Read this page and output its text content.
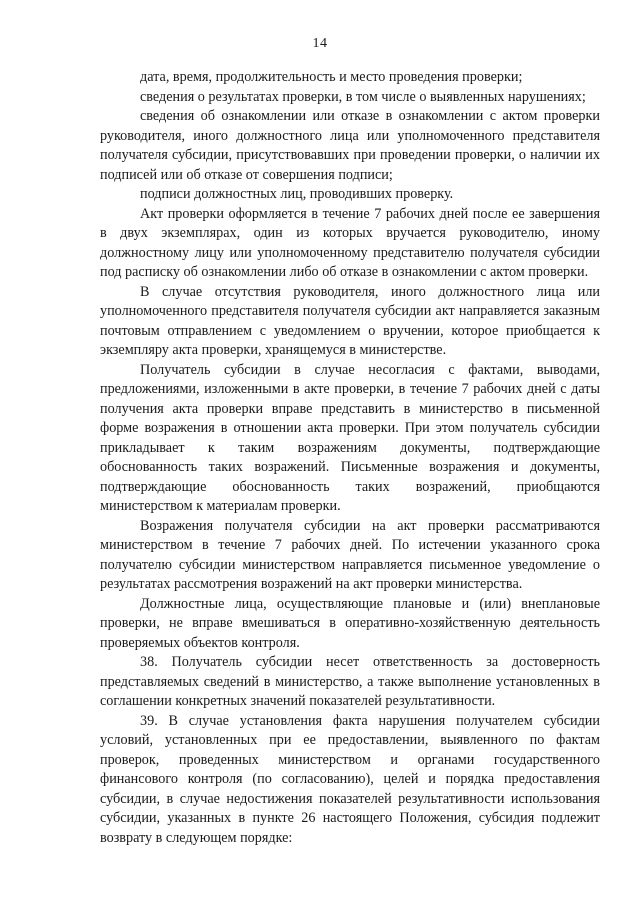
14

дата, время, продолжительность и место проведения проверки;

сведения о результатах проверки, в том числе о выявленных нарушениях;

сведения об ознакомлении или отказе в ознакомлении с актом проверки руководителя, иного должностного лица или уполномоченного представителя получателя субсидии, присутствовавших при проведении проверки, о наличии их подписей или об отказе от совершения подписи;

подписи должностных лиц, проводивших проверку.

Акт проверки оформляется в течение 7 рабочих дней после ее завершения в двух экземплярах, один из которых вручается руководителю, иному должностному лицу или уполномоченному представителю получателя субсидии под расписку об ознакомлении либо об отказе в ознакомлении с актом проверки.

В случае отсутствия руководителя, иного должностного лица или уполномоченного представителя получателя субсидии акт направляется заказным почтовым отправлением с уведомлением о вручении, которое приобщается к экземпляру акта проверки, хранящемуся в министерстве.

Получатель субсидии в случае несогласия с фактами, выводами, предложениями, изложенными в акте проверки, в течение 7 рабочих дней с даты получения акта проверки вправе представить в министерство в письменной форме возражения в отношении акта проверки. При этом получатель субсидии прикладывает к таким возражениям документы, подтверждающие обоснованность таких возражений. Письменные возражения и документы, подтверждающие обоснованность таких возражений, приобщаются министерством к материалам проверки.

Возражения получателя субсидии на акт проверки рассматриваются министерством в течение 7 рабочих дней. По истечении указанного срока получателю субсидии министерством направляется письменное уведомление о результатах рассмотрения возражений на акт проверки министерства.

Должностные лица, осуществляющие плановые и (или) внеплановые проверки, не вправе вмешиваться в оперативно-хозяйственную деятельность проверяемых объектов контроля.

38. Получатель субсидии несет ответственность за достоверность представляемых сведений в министерство, а также выполнение установленных в соглашении конкретных значений показателей результативности.

39. В случае установления факта нарушения получателем субсидии условий, установленных при ее предоставлении, выявленного по фактам проверок, проведенных министерством и органами государственного финансового контроля (по согласованию), целей и порядка предоставления субсидии, в случае недостижения показателей результативности использования субсидии, указанных в пункте 26 настоящего Положения, субсидия подлежит возврату в следующем порядке:
